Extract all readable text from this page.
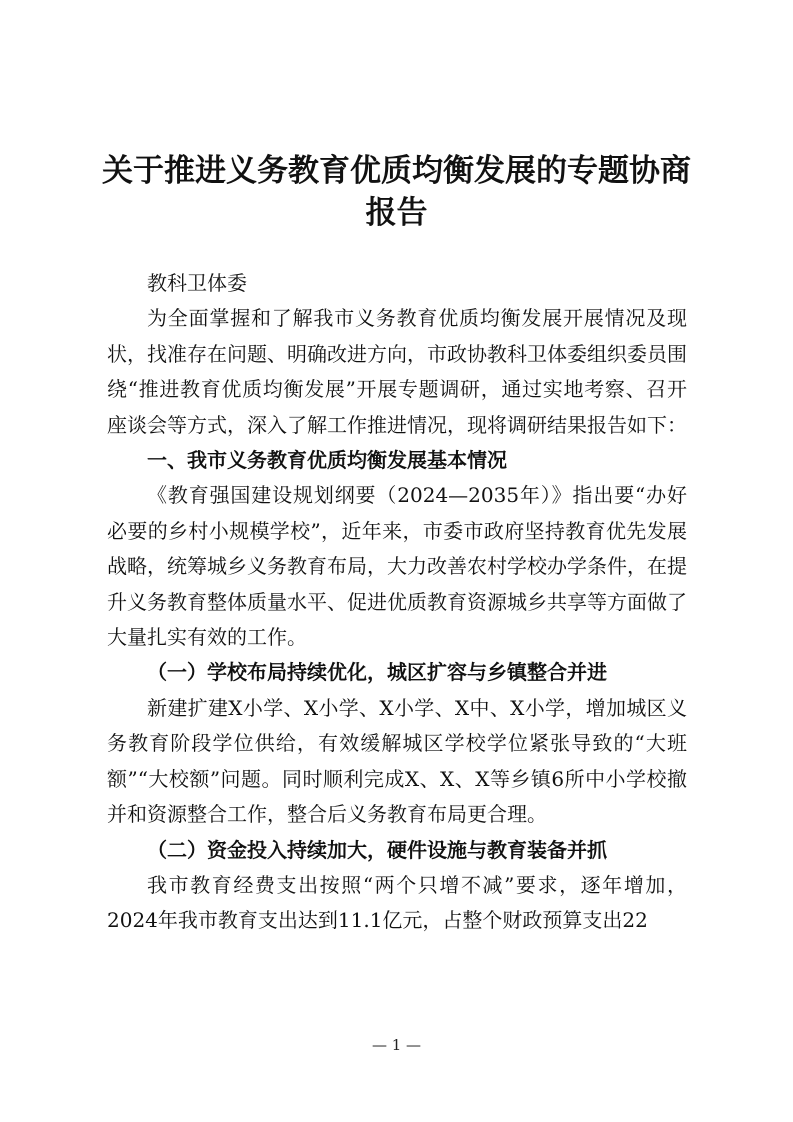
关于推进义务教育优质均衡发展的专题协商报告

教科卫体委

为全面掌握和了解我市义务教育优质均衡发展开展情况及现状，找准存在问题、明确改进方向，市政协教科卫体委组织委员围绕“推进教育优质均衡发展”开展专题调研，通过实地考察、召开座谈会等方式，深入了解工作推进情况，现将调研结果报告如下：

一、我市义务教育优质均衡发展基本情况

《教育强国建设规划纲要（2024—2035年）》指出要“办好必要的乡村小规模学校”，近年来，市委市政府坚持教育优先发展战略，统筹城乡义务教育布局，大力改善农村学校办学条件，在提升义务教育整体质量水平、促进优质教育资源城乡共享等方面做了大量扎实有效的工作。

（一）学校布局持续优化，城区扩容与乡镇整合并进

新建扩建X小学、X小学、X小学、X中、X小学，增加城区义务教育阶段学位供给，有效缓解城区学校学位紧张导致的“大班额”“大校额”问题。同时顺利完成X、X、X等乡镇6所中小学校撤并和资源整合工作，整合后义务教育布局更合理。

（二）资金投入持续加大，硬件设施与教育装备并抓

我市教育经费支出按照“两个只增不减”要求，逐年增加，2024年我市教育支出达到11.1亿元，占整个财政预算支出22

— 1 —
